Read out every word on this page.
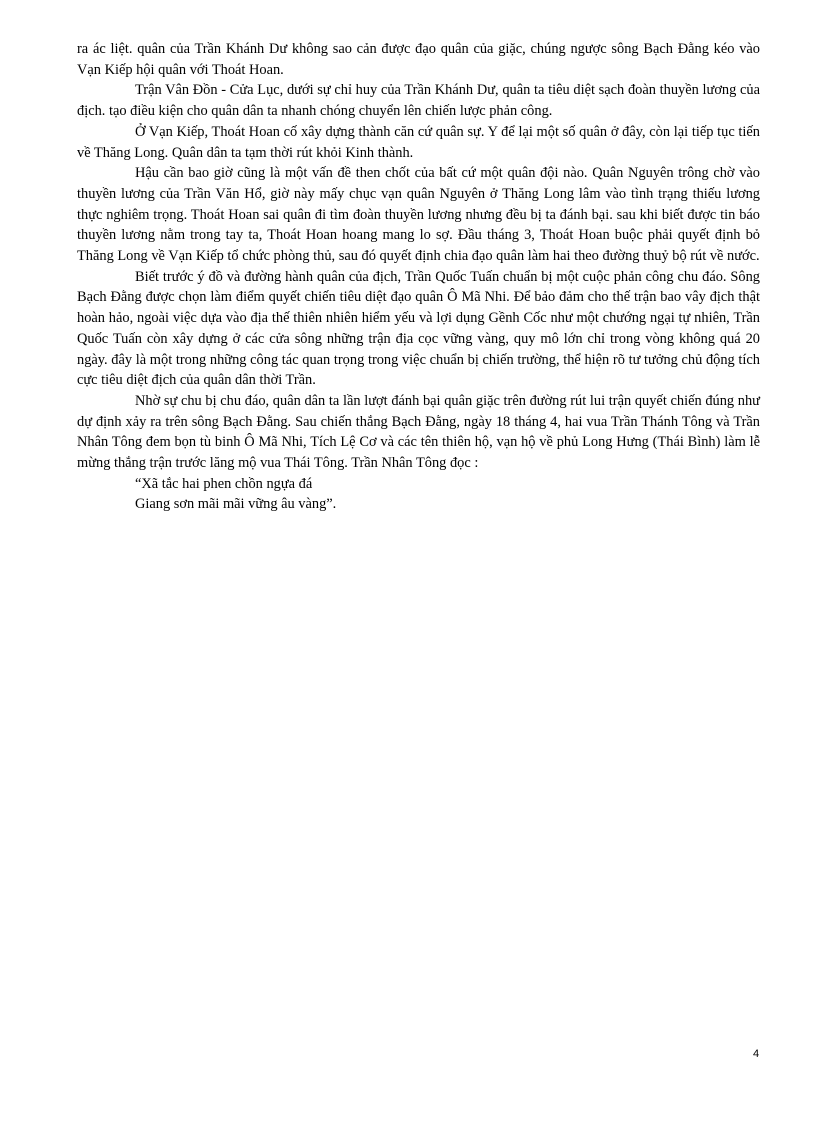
ra ác liệt. quân của Trần Khánh Dư không sao cản được đạo quân của giặc, chúng ngược sông Bạch Đằng kéo vào Vạn Kiếp hội quân với Thoát Hoan.

Trận Vân Đồn - Cửa Lục, dưới sự chỉ huy của Trần Khánh Dư, quân ta tiêu diệt sạch đoàn thuyền lương của địch. tạo điều kiện cho quân dân ta nhanh chóng chuyển lên chiến lược phản công.

Ở Vạn Kiếp, Thoát Hoan cố xây dựng thành căn cứ quân sự. Y để lại một số quân ở đây, còn lại tiếp tục tiến về Thăng Long. Quân dân ta tạm thời rút khỏi Kinh thành.

Hậu cần bao giờ cũng là một vấn đề then chốt của bất cứ một quân đội nào. Quân Nguyên trông chờ vào thuyền lương của Trần Văn Hổ, giờ này mấy chục vạn quân Nguyên ở Thăng Long lâm vào tình trạng thiếu lương thực nghiêm trọng. Thoát Hoan sai quân đi tìm đoàn thuyền lương nhưng đều bị ta đánh bại. sau khi biết được tin báo thuyền lương nằm trong tay ta, Thoát Hoan hoang mang lo sợ. Đầu tháng 3, Thoát Hoan buộc phải quyết định bỏ Thăng Long về Vạn Kiếp tổ chức phòng thủ, sau đó quyết định chia đạo quân làm hai theo đường thuỷ bộ rút về nước.

Biết trước ý đồ và đường hành quân của địch, Trần Quốc Tuấn chuẩn bị một cuộc phản công chu đáo. Sông Bạch Đằng được chọn làm điểm quyết chiến tiêu diệt đạo quân Ô Mã Nhi. Để bảo đảm cho thế trận bao vây địch thật hoàn hảo, ngoài việc dựa vào địa thế thiên nhiên hiểm yếu và lợi dụng Gềnh Cốc như một chướng ngại tự nhiên, Trần Quốc Tuấn còn xây dựng ở các cửa sông những trận địa cọc vững vàng, quy mô lớn chỉ trong vòng không quá 20 ngày. đây là một trong những công tác quan trọng trong việc chuẩn bị chiến trường, thể hiện rõ tư tưởng chủ động tích cực tiêu diệt địch của quân dân thời Trần.

Nhờ sự chu bị chu đáo, quân dân ta lần lượt đánh bại quân giặc trên đường rút lui trận quyết chiến đúng như dự định xảy ra trên sông Bạch Đằng. Sau chiến thắng Bạch Đằng, ngày 18 tháng 4, hai vua Trần Thánh Tông và Trần Nhân Tông đem bọn tù binh Ô Mã Nhi, Tích Lệ Cơ và các tên thiên hộ, vạn hộ về phủ Long Hưng (Thái Bình) làm lễ mừng thắng trận trước lăng mộ vua Thái Tông. Trần Nhân Tông đọc :

“Xã tắc hai phen chồn ngựa đá
Giang sơn mãi mãi vững âu vàng”.
4
